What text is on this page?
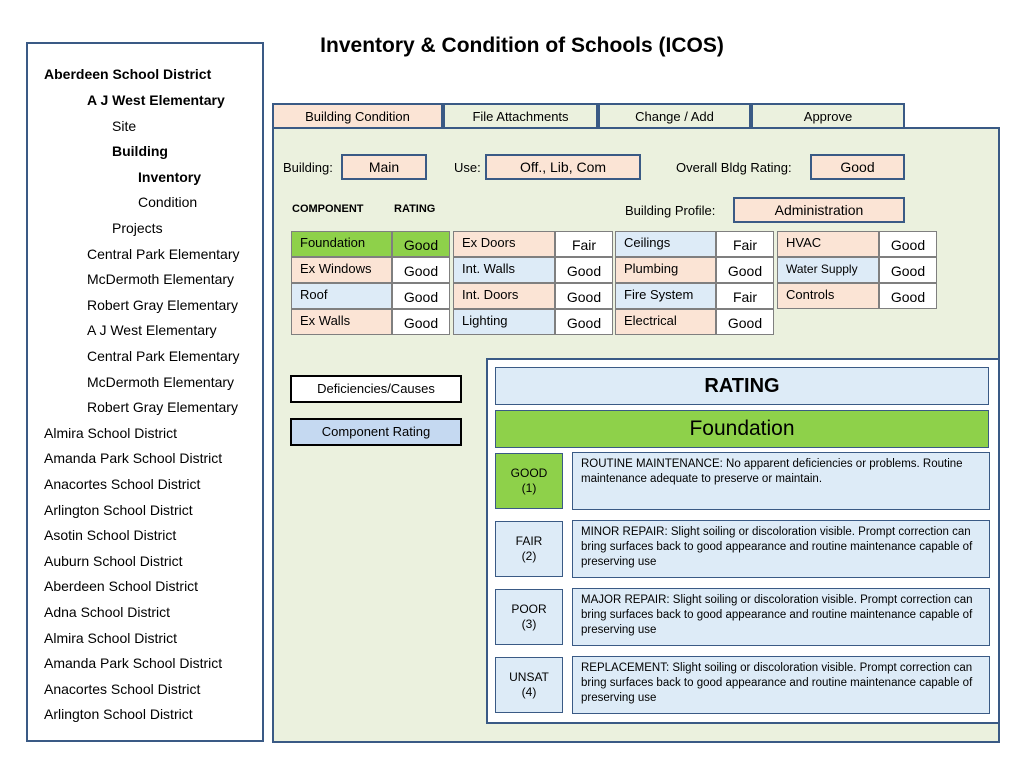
Inventory & Condition of Schools (ICOS)
Aberdeen School District
A J West Elementary
Site
Building
Inventory
Condition
Projects
Central Park Elementary
McDermoth Elementary
Robert Gray Elementary
A J West Elementary
Central Park Elementary
McDermoth Elementary
Robert Gray Elementary
Almira School District
Amanda Park School District
Anacortes School District
Arlington School District
Asotin School District
Auburn School District
Aberdeen School District
Adna School District
Almira School District
Amanda Park School District
Anacortes School District
Arlington School District
Building Condition	File Attachments	Change / Add	Approve
Building:	Main	Use:	Off., Lib, Com	Overall Bldg Rating:	Good
COMPONENT	RATING	Building Profile:	Administration
Foundation	Good
Ex Windows	Good
Roof	Good
Ex Walls	Good
Ex Doors	Fair
Int. Walls	Good
Int. Doors	Good
Lighting	Good
Ceilings	Fair
Plumbing	Good
Fire System	Fair
Electrical	Good
HVAC	Good
Water Supply	Good
Controls	Good
Deficiencies/Causes
Component Rating
RATING
Foundation
GOOD
(1)
ROUTINE MAINTENANCE: No apparent deficiencies or problems. Routine maintenance adequate to preserve or maintain.
FAIR
(2)
MINOR REPAIR: Slight soiling or discoloration visible. Prompt correction can bring surfaces back to good appearance and routine maintenance capable of preserving use
POOR
(3)
MAJOR REPAIR: Slight soiling or discoloration visible. Prompt correction can bring surfaces back to good appearance and routine maintenance capable of preserving use
UNSAT
(4)
REPLACEMENT: Slight soiling or discoloration visible. Prompt correction can bring surfaces back to good appearance and routine maintenance capable of preserving use
